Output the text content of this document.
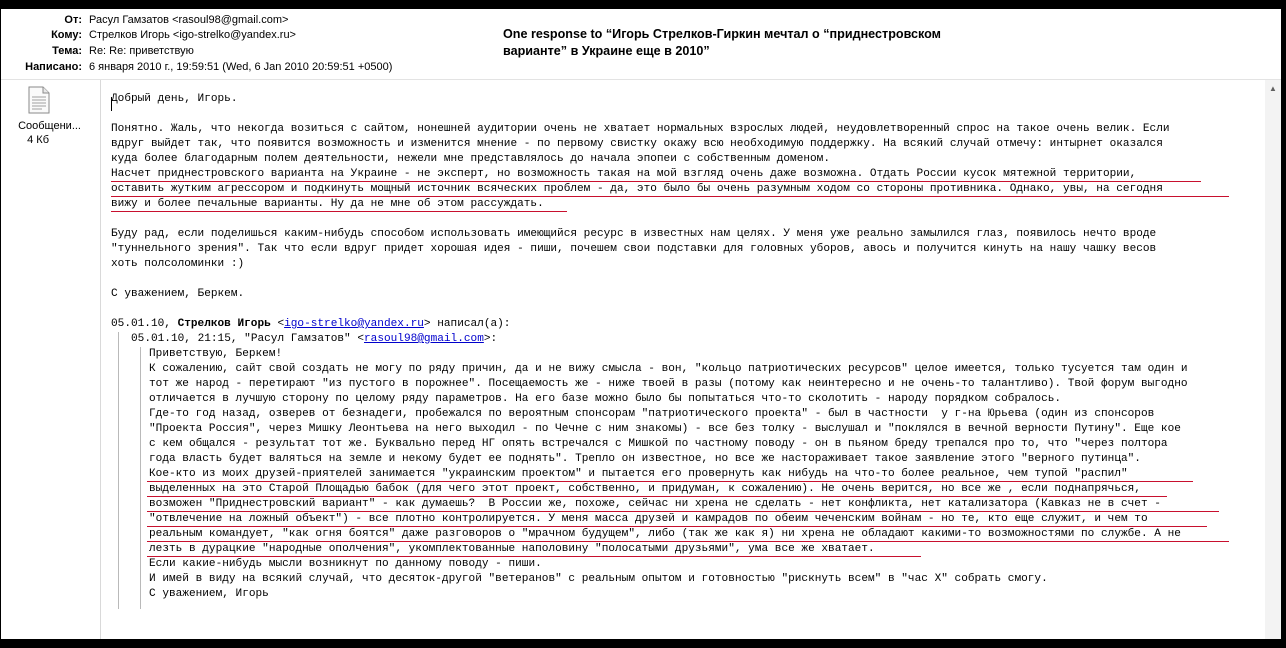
От: Расул Гамзатов <rasoul98@gmail.com>
Кому: Стрелков Игорь <igo-strelko@yandex.ru>
Тема: Re: Re: приветствую
Написано: 6 января 2010 г., 19:59:51 (Wed, 6 Jan 2010 20:59:51 +0500)
One response to “Игорь Стрелков-Гиркин мечтал о “приднестровском
варианте” в Украине еще в 2010”
Сообщени...
4 Кб
Добрый день, Игорь.
Понятно. Жаль, что некогда возиться с сайтом, нонешней аудитории очень не хватает нормальных взрослых людей, неудовлетворенный спрос на такое очень велик. Если
вдруг выйдет так, что появится возможность и изменится мнение - по первому свистку окажу всю необходимую поддержку. На всякий случай отмечу: интырнет оказался
куда более благодарным полем деятельности, нежели мне представлялось до начала эпопеи с собственным доменом.
Насчет приднестровского варианта на Украине - не эксперт, но возможность такая на мой взгляд очень даже возможна. Отдать России кусок мятежной территории,
оставить жутким агрессором и подкинуть мощный источник всяческих проблем - да, это было бы очень разумным ходом со стороны противника. Однако, увы, на сегодня
вижу и более печальные варианты. Ну да не мне об этом рассуждать.
Буду рад, если поделишься каким-нибудь способом использовать имеющийся ресурс в известных нам целях. У меня уже реально замылился глаз, появилось нечто вроде
"туннельного зрения". Так что если вдруг придет хорошая идея - пиши, почешем свои подставки для головных уборов, авось и получится кинуть на нашу чашку весов
хоть полсоломинки :)
С уважением, Беркем.
05.01.10, Стрелков Игорь <igo-strelko@yandex.ru> написал(а):
05.01.10, 21:15, "Расул Гамзатов" <rasoul98@gmail.com>:
Приветствую, Беркем!
К сожалению, сайт свой создать не могу по ряду причин, да и не вижу смысла - вон, "кольцо патриотических ресурсов" целое имеется, только тусуется там один и
тот же народ - перетирают "из пустого в порожнее". Посещаемость же - ниже твоей в разы (потому как неинтересно и не очень-то талантливо). Твой форум выгодно
отличается в лучшую сторону по целому ряду параметров. На его базе можно было бы попытаться что-то сколотить - народу порядком собралось.
Где-то год назад, озверев от безнадеги, пробежался по вероятным спонсорам "патриотического проекта" - был в частности  у г-на Юрьева (один из спонсоров
"Проекта Россия", через Мишку Леонтьева на него выходил - по Чечне с ним знакомы) - все без толку - выслушал и "поклялся в вечной верности Путину". Еще кое
с кем общался - результат тот же. Буквально перед НГ опять встречался с Мишкой по частному поводу - он в пьяном бреду трепался про то, что "через полтора
года власть будет валяться на земле и некому будет ее поднять". Трепло он известное, но все же настораживает такое заявление этого "верного путинца".
Кое-кто из моих друзей-приятелей занимается "украинским проектом" и пытается его провернуть как нибудь на что-то более реальное, чем тупой "распил"
выделенных на это Старой Площадью бабок (для чего этот проект, собственно, и придуман, к сожалению). Не очень верится, но все же , если поднапрячься,
возможен "Приднестровский вариант" - как думаешь?  В России же, похоже, сейчас ни хрена не сделать - нет конфликта, нет катализатора (Кавказ не в счет -
"отвлечение на ложный объект") - все плотно контролируется. У меня масса друзей и камрадов по обеим чеченским войнам - но те, кто еще служит, и чем то
реальным командует, "как огня боятся" даже разговоров о "мрачном будущем", либо (так же как я) ни хрена не обладают какими-то возможностями по службе. А не
лезть в дурацкие "народные ополчения", укомплектованные наполовину "полосатыми друзьями", ума все же хватает.
Если какие-нибудь мысли возникнут по данному поводу - пиши.
И имей в виду на всякий случай, что десяток-другой "ветеранов" с реальным опытом и готовностью "рискнуть всем" в "час Х" собрать смогу.
С уважением, Игорь
▲
